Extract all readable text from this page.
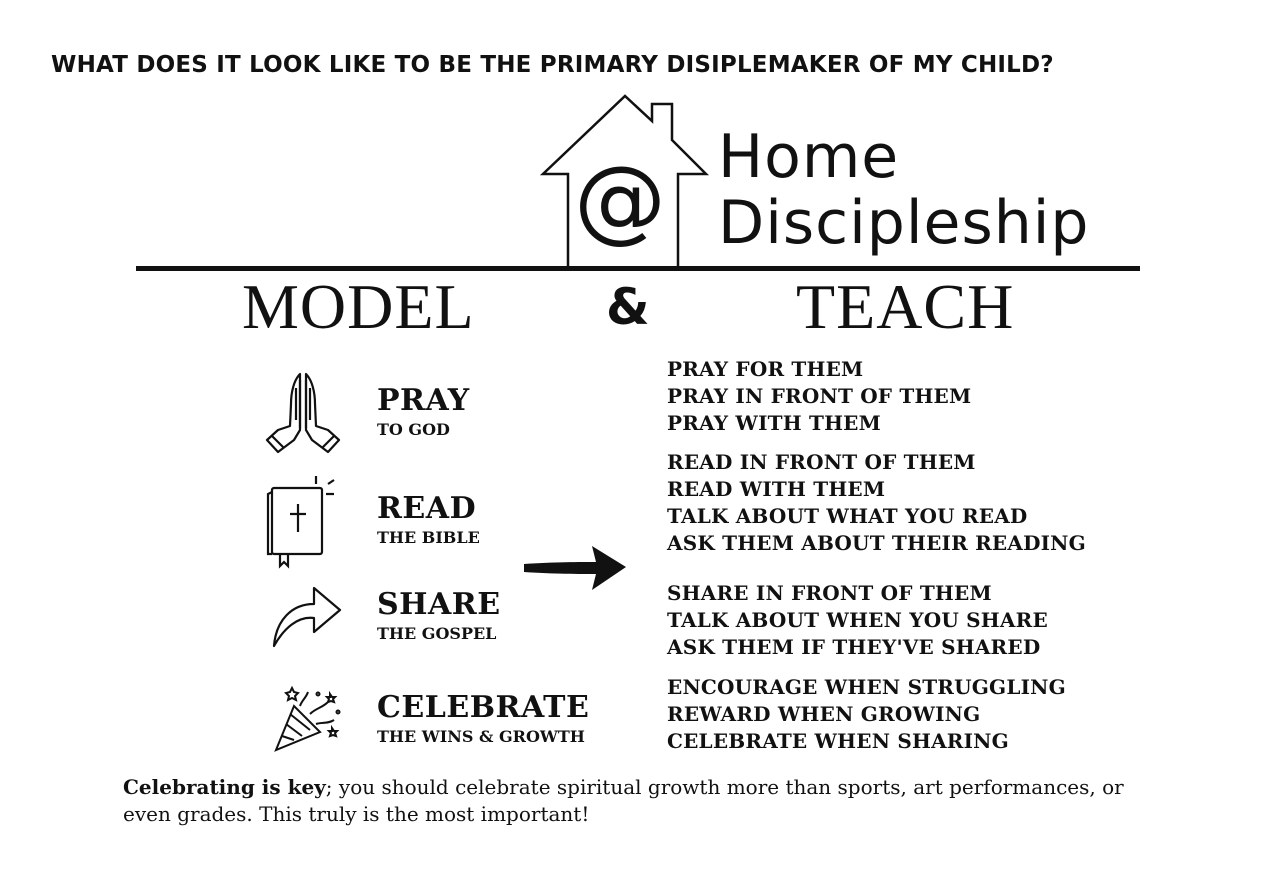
WHAT DOES IT LOOK LIKE TO BE THE PRIMARY DISIPLEMAKER OF MY CHILD?
@ Home
Discipleship
MODEL	& TEACH
PRAY
TO GOD
READ
THE BIBLE
SHARE
THE GOSPEL
CELEBRATE
THE WINS & GROWTH
PRAY FOR THEM
PRAY IN FRONT OF THEM
PRAY WITH THEM
READ IN FRONT OF THEM
READ WITH THEM
TALK ABOUT WHAT YOU READ
ASK THEM ABOUT THEIR READING
SHARE IN FRONT OF THEM
TALK ABOUT WHEN YOU SHARE
ASK THEM IF THEY'VE SHARED
ENCOURAGE WHEN STRUGGLING
REWARD WHEN GROWING
CELEBRATE WHEN SHARING
Celebrating is key; you should celebrate spiritual growth more than sports, art performances, or even grades. This truly is the most important!
